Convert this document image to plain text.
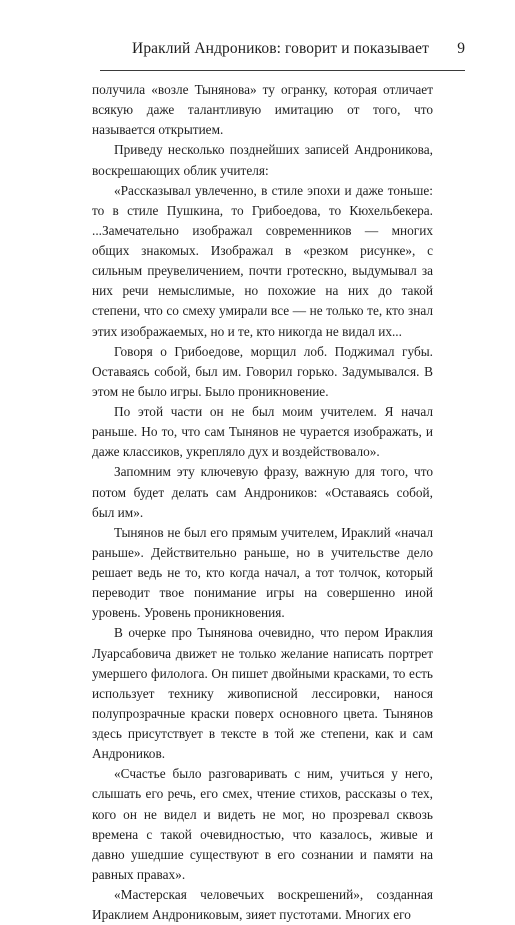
Ираклий Андроников: говорит и показывает 9

получила «возле Тынянова» ту огранку, которая отличает всякую даже талантливую имитацию от того, что называется открытием.

Приведу несколько позднейших записей Андроникова, воскрешающих облик учителя:

«Рассказывал увлеченно, в стиле эпохи и даже тоньше: то в стиле Пушкина, то Грибоедова, то Кюхельбекера. ...Замечательно изображал современников — многих общих знакомых. Изображал в «резком рисунке», с сильным преувеличением, почти гротескно, выдумывал за них речи немыслимые, но похожие на них до такой степени, что со смеху умирали все — не только те, кто знал этих изображаемых, но и те, кто никогда не видал их...

Говоря о Грибоедове, морщил лоб. Поджимал губы. Оставаясь собой, был им. Говорил горько. Задумывался. В этом не было игры. Было проникновение.

По этой части он не был моим учителем. Я начал раньше. Но то, что сам Тынянов не чурается изображать, и даже классиков, укрепляло дух и воздействовало».

Запомним эту ключевую фразу, важную для того, что потом будет делать сам Андроников: «Оставаясь собой, был им».

Тынянов не был его прямым учителем, Ираклий «начал раньше». Действительно раньше, но в учительстве дело решает ведь не то, кто когда начал, а тот толчок, который переводит твое понимание игры на совершенно иной уровень. Уровень проникновения.

В очерке про Тынянова очевидно, что пером Ираклия Луарсабовича движет не только желание написать портрет умершего филолога. Он пишет двойными красками, то есть использует технику живописной лессировки, нанося полупрозрачные краски поверх основного цвета. Тынянов здесь присутствует в тексте в той же степени, как и сам Андроников.

«Счастье было разговаривать с ним, учиться у него, слышать его речь, его смех, чтение стихов, рассказы о тех, кого он не видел и видеть не мог, но прозревал сквозь времена с такой очевидностью, что казалось, живые и давно ушедшие существуют в его сознании и памяти на равных правах».

«Мастерская человечьих воскрешений», созданная Ираклием Андрониковым, зияет пустотами. Многих его
